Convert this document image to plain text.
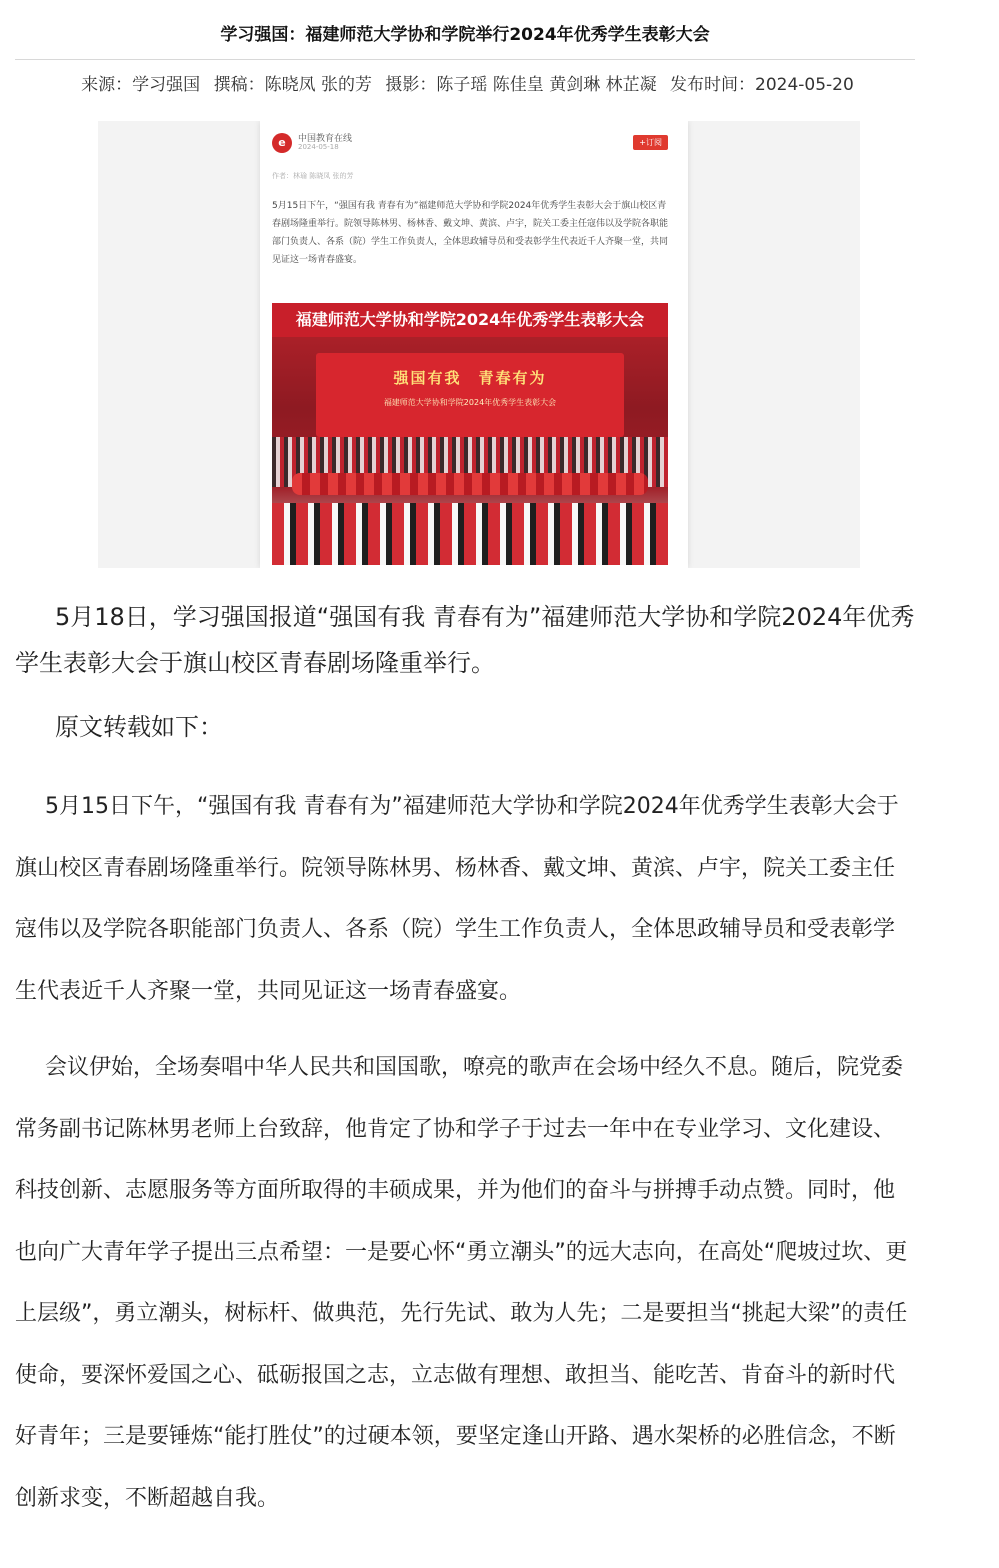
学习强国：福建师范大学协和学院举行2024年优秀学生表彰大会
来源：学习强国 撰稿：陈晓凤 张的芳 摄影：陈子瑶 陈佳皇 黄剑琳 林芷凝 发布时间：2024-05-20
e	中国教育在线
2024-05-18	+订阅
作者：林瑜 陈晓凤 张的芳
5月15日下午，“强国有我 青春有为”福建师范大学协和学院2024年优秀学生表彰大会于旗山校区青春剧场隆重举行。院领导陈林男、杨林香、戴文坤、黄滨、卢宇，院关工委主任寇伟以及学院各职能部门负责人、各系（院）学生工作负责人，全体思政辅导员和受表彰学生代表近千人齐聚一堂，共同见证这一场青春盛宴。
福建师范大学协和学院2024年优秀学生表彰大会
强国有我　青春有为
福建师范大学协和学院2024年优秀学生表彰大会
5月18日，学习强国报道“强国有我 青春有为”福建师范大学协和学院2024年优秀学生表彰大会于旗山校区青春剧场隆重举行。
原文转载如下：
5月15日下午，“强国有我 青春有为”福建师范大学协和学院2024年优秀学生表彰大会于旗山校区青春剧场隆重举行。院领导陈林男、杨林香、戴文坤、黄滨、卢宇，院关工委主任寇伟以及学院各职能部门负责人、各系（院）学生工作负责人，全体思政辅导员和受表彰学生代表近千人齐聚一堂，共同见证这一场青春盛宴。
会议伊始，全场奏唱中华人民共和国国歌，嘹亮的歌声在会场中经久不息。随后，院党委常务副书记陈林男老师上台致辞，他肯定了协和学子于过去一年中在专业学习、文化建设、科技创新、志愿服务等方面所取得的丰硕成果，并为他们的奋斗与拼搏手动点赞。同时，他也向广大青年学子提出三点希望：一是要心怀“勇立潮头”的远大志向，在高处“爬坡过坎、更上层级”，勇立潮头，树标杆、做典范，先行先试、敢为人先；二是要担当“挑起大梁”的责任使命，要深怀爱国之心、砥砺报国之志，立志做有理想、敢担当、能吃苦、肯奋斗的新时代好青年；三是要锤炼“能打胜仗”的过硬本领，要坚定逢山开路、遇水架桥的必胜信念，不断创新求变，不断超越自我。
